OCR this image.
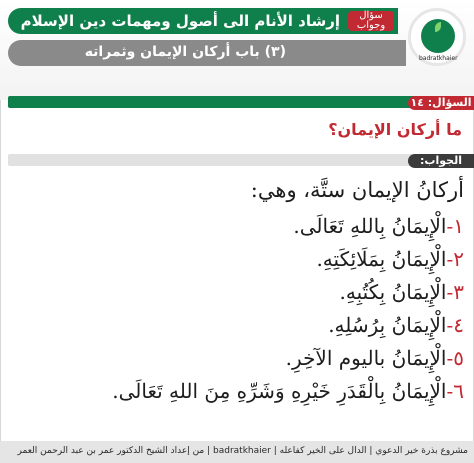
إرشاد الأنام الى أصول ومهمات دين الإسلام	سؤال
وجواب
(٣) باب أركان الإيمان وثمراته	badratkhaier
السؤال: ١٤
ما أركان الإيمان؟
الجواب:
أركانُ الإيمان ستَّة، وهي:
١-الْإِيمَانُ بِاللهِ تَعَالَى.
٢-الْإِيمَانُ بِمَلَائِكَتِهِ.
٣-الْإِيمَانُ بِكُتُبِهِ.
٤-الْإِيمَانُ بِرُسُلِهِ.
٥-الْإِيمَانُ باليوم الآخِرِ.
٦-الْإِيمَانُ بِالْقَدَرِ خَيْرِهِ وَشَرِّهِ مِنَ اللهِ تَعَالَى.
مشروع بذرة خير الدعوي | الدال على الخير كفاعله | badratkhaier | من إعداد الشيخ الدكتور عمر بن عبد الرحمن العمر
